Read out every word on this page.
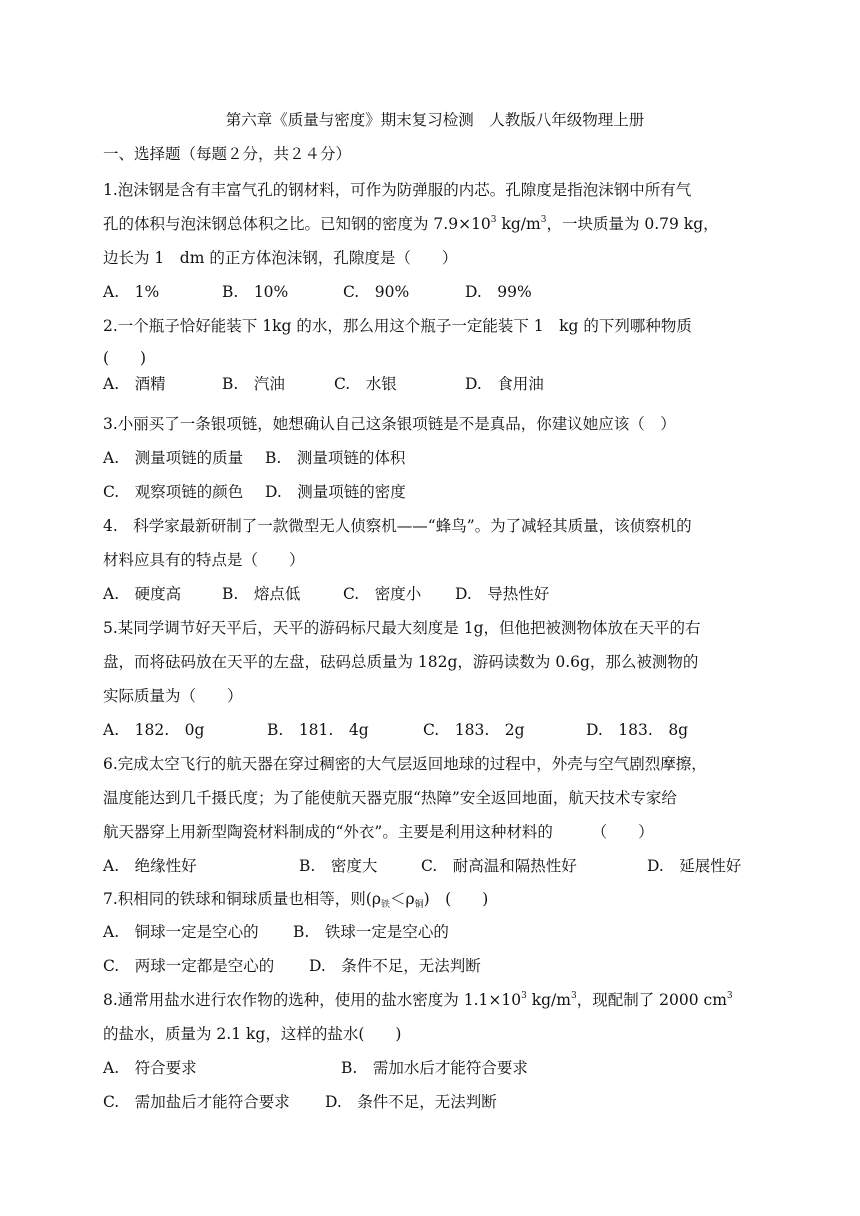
第六章《质量与密度》期末复习检测　人教版八年级物理上册
一、选择题（每题２分，共２４分）
1.泡沫钢是含有丰富气孔的钢材料，可作为防弹服的内芯。孔隙度是指泡沫钢中所有气
孔的体积与泡沫钢总体积之比。已知钢的密度为 $7.9\times 10^3$ $kg/m^3$，一块质量为 0.79 kg，
边长为 1　dm 的正方体泡沫钢，孔隙度是（　　）
A.　1%	B.　10%	C.　90%	D.　99%
2.一个瓶子恰好能装下 1kg 的水，那么用这个瓶子一定能装下 1　kg 的下列哪种物质
(　　)
A.　酒精	B.　汽油	C.　水银	D.　食用油
3.小丽买了一条银项链，她想确认自己这条银项链是不是真品，你建议她应该（　）
A.　测量项链的质量 B.　测量项链的体积
C.　观察项链的颜色 D.　测量项链的密度
4.　科学家最新研制了一款微型无人侦察机——“蜂鸟”。为了减轻其质量，该侦察机的
材料应具有的特点是（　　）
A.　硬度高	B.　熔点低	C.　密度小 D.　导热性好
5.某同学调节好天平后，天平的游码标尺最大刻度是 1g，但他把被测物体放在天平的右
盘，而将砝码放在天平的左盘，砝码总质量为 182g，游码读数为 0.6g，那么被测物的
实际质量为（　　）
A.　182.　0g	B.　181.　4g	C.　183.　2g	D.　183.　8g
6.完成太空飞行的航天器在穿过稠密的大气层返回地球的过程中，外壳与空气剧烈摩擦，
温度能达到几千摄氏度；为了能使航天器克服“热障”安全返回地面，航天技术专家给
航天器穿上用新型陶瓷材料制成的“外衣”。主要是利用这种材料的　　　（　　）
A.　绝缘性好	B.　密度大	C.　耐高温和隔热性好	D.　延展性好
7.积相同的铁球和铜球质量也相等，则$(\rho_铁<\rho_铜)$　(　　)
A.　铜球一定是空心的 B.　铁球一定是空心的
C.　两球一定都是空心的 D.　条件不足，无法判断
8.通常用盐水进行农作物的选种，使用的盐水密度为 $1.1\times 10^3$ $kg/m^3$，现配制了 2000 $cm^3$
的盐水，质量为 2.1 kg，这样的盐水(　　)
A.　符合要求	B.　需加水后才能符合要求
C.　需加盐后才能符合要求 D.　条件不足，无法判断
